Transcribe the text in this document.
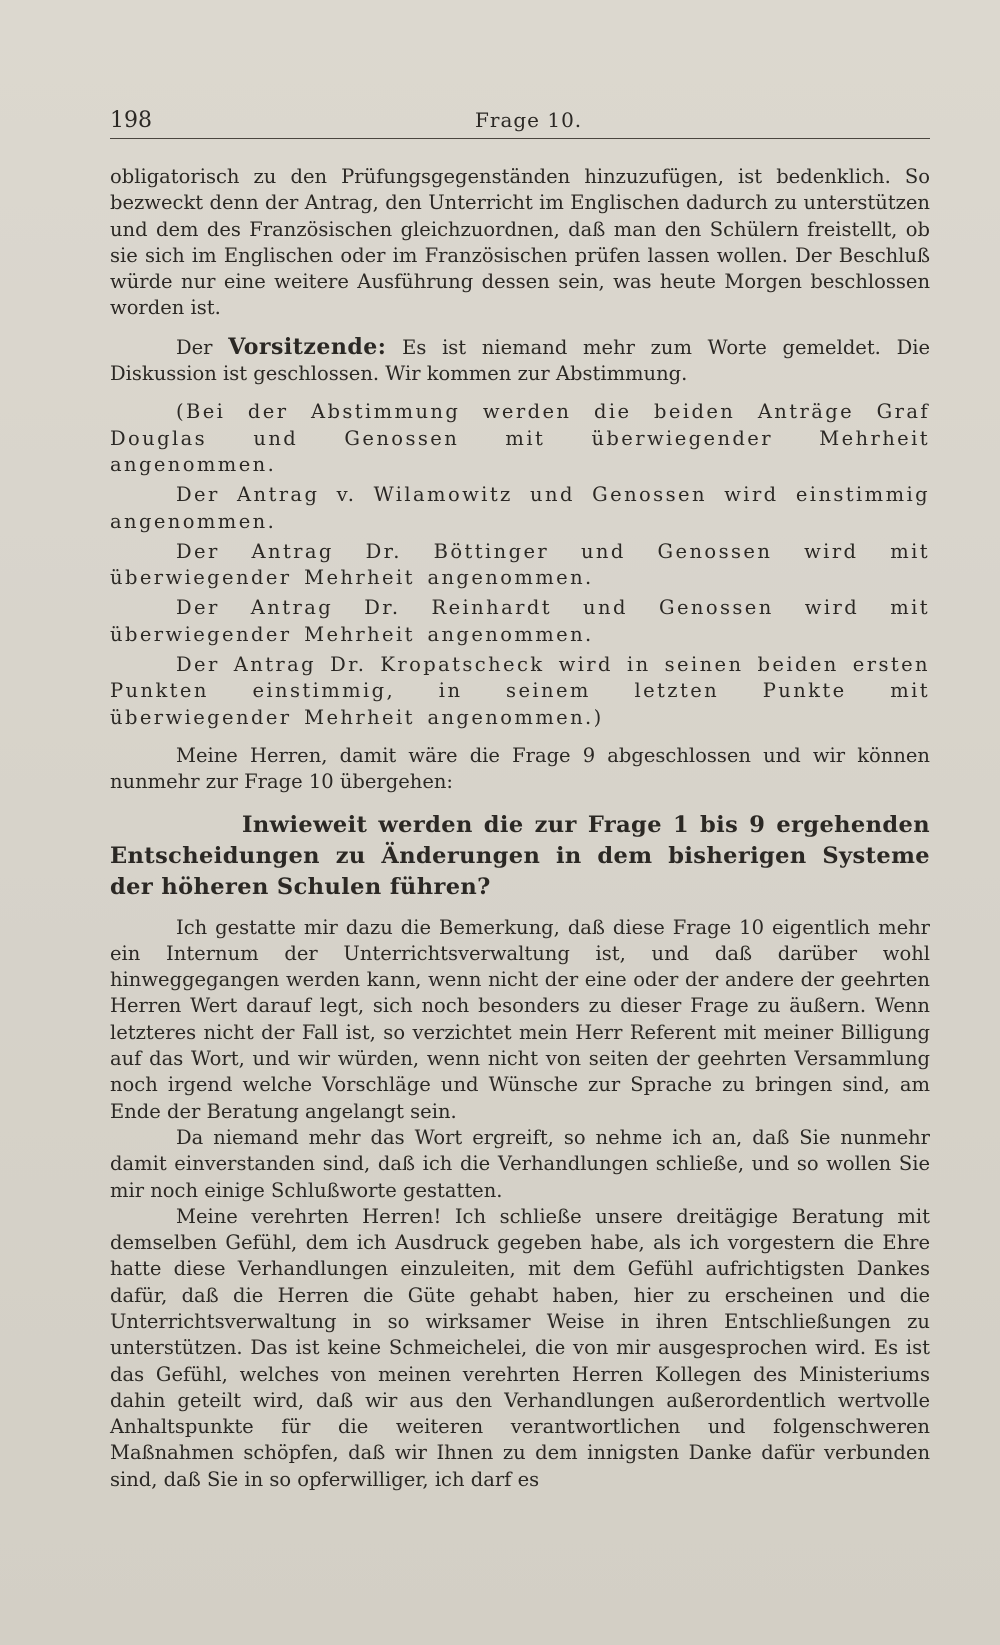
198	Frage 10.

obligatorisch zu den Prüfungsgegenständen hinzuzufügen, ist bedenklich. So bezweckt denn der Antrag, den Unterricht im Englischen dadurch zu unterstützen und dem des Französischen gleichzuordnen, daß man den Schülern freistellt, ob sie sich im Englischen oder im Französischen prüfen lassen wollen. Der Beschluß würde nur eine weitere Ausführung dessen sein, was heute Morgen beschlossen worden ist.

Der Vorsitzende: Es ist niemand mehr zum Worte gemeldet. Die Diskussion ist geschlossen. Wir kommen zur Abstimmung.

(Bei der Abstimmung werden die beiden Anträge Graf Douglas und Genossen mit überwiegender Mehrheit angenommen.

Der Antrag v. Wilamowitz und Genossen wird einstimmig angenommen.

Der Antrag Dr. Böttinger und Genossen wird mit überwiegender Mehrheit angenommen.

Der Antrag Dr. Reinhardt und Genossen wird mit überwiegender Mehrheit angenommen.

Der Antrag Dr. Kropatscheck wird in seinen beiden ersten Punkten einstimmig, in seinem letzten Punkte mit überwiegender Mehrheit angenommen.)

Meine Herren, damit wäre die Frage 9 abgeschlossen und wir können nunmehr zur Frage 10 übergehen:

Inwieweit werden die zur Frage 1 bis 9 ergehenden Entscheidungen zu Änderungen in dem bisherigen Systeme der höheren Schulen führen?

Ich gestatte mir dazu die Bemerkung, daß diese Frage 10 eigentlich mehr ein Internum der Unterrichtsverwaltung ist, und daß darüber wohl hinweggegangen werden kann, wenn nicht der eine oder der andere der geehrten Herren Wert darauf legt, sich noch besonders zu dieser Frage zu äußern. Wenn letzteres nicht der Fall ist, so verzichtet mein Herr Referent mit meiner Billigung auf das Wort, und wir würden, wenn nicht von seiten der geehrten Versammlung noch irgend welche Vorschläge und Wünsche zur Sprache zu bringen sind, am Ende der Beratung angelangt sein.

Da niemand mehr das Wort ergreift, so nehme ich an, daß Sie nunmehr damit einverstanden sind, daß ich die Verhandlungen schließe, und so wollen Sie mir noch einige Schlußworte gestatten.

Meine verehrten Herren! Ich schließe unsere dreitägige Beratung mit demselben Gefühl, dem ich Ausdruck gegeben habe, als ich vorgestern die Ehre hatte diese Verhandlungen einzuleiten, mit dem Gefühl aufrichtigsten Dankes dafür, daß die Herren die Güte gehabt haben, hier zu erscheinen und die Unterrichtsverwaltung in so wirksamer Weise in ihren Entschließungen zu unterstützen. Das ist keine Schmeichelei, die von mir ausgesprochen wird. Es ist das Gefühl, welches von meinen verehrten Herren Kollegen des Ministeriums dahin geteilt wird, daß wir aus den Verhandlungen außerordentlich wertvolle Anhaltspunkte für die weiteren verantwortlichen und folgenschweren Maßnahmen schöpfen, daß wir Ihnen zu dem innigsten Danke dafür verbunden sind, daß Sie in so opferwilliger, ich darf es
